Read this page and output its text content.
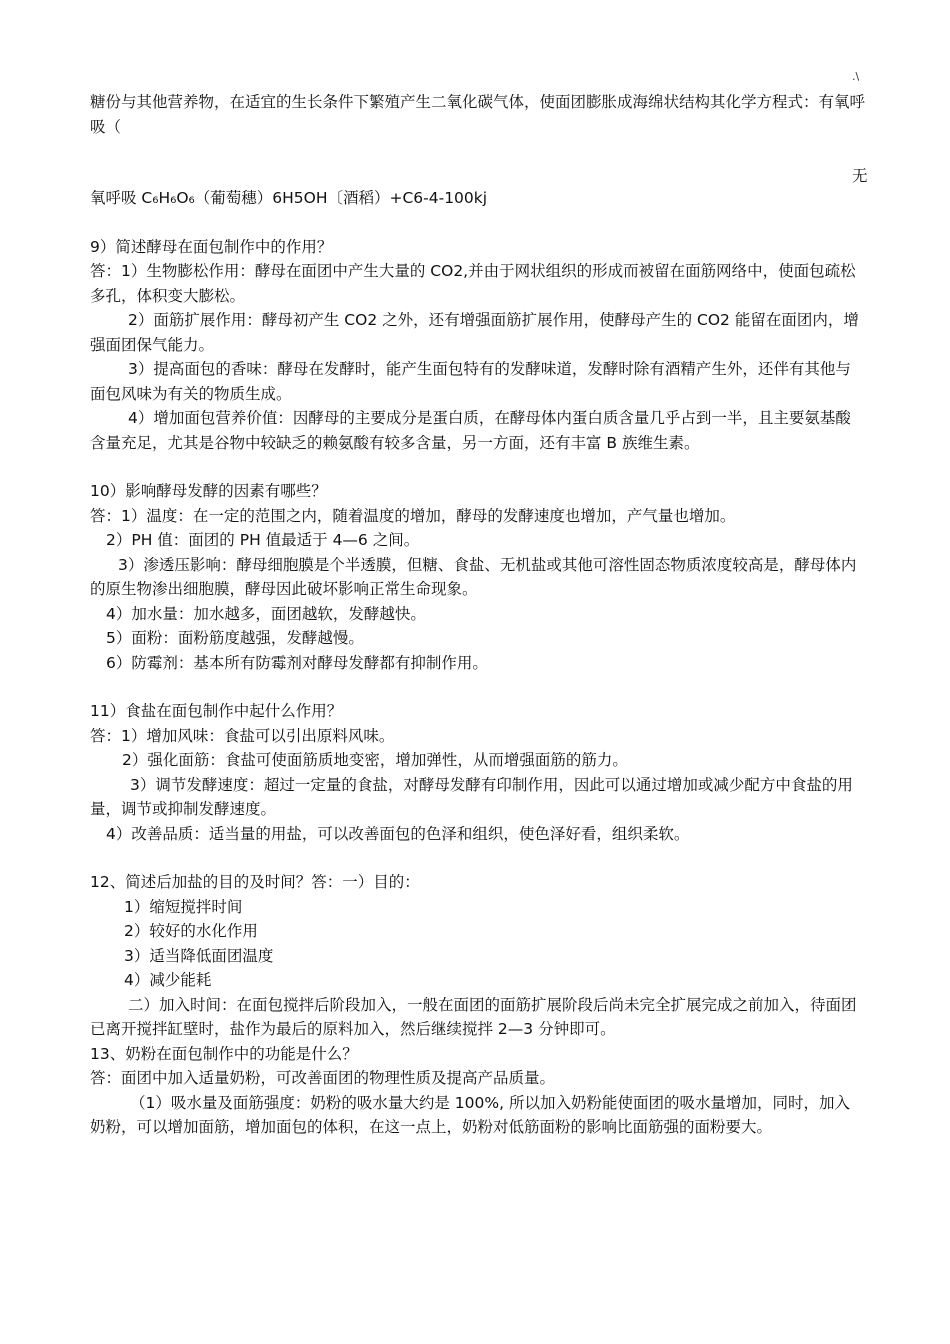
.\
无

糖份与其他营养物，在适宜的生长条件下繁殖产生二氧化碳气体，使面团膨胀成海绵状结构其化学方程式：有氧呼吸（

氧呼吸 C₆H₆O₆（葡萄穗）6H5OH〔酒稻）+C6-4-100kj

9）简述酵母在面包制作中的作用？

答：1）生物膨松作用：酵母在面团中产生大量的 CO2,并由于网状组织的形成而被留在面筋网络中，使面包疏松多孔，体积变大膨松。

2）面筋扩展作用：酵母初产生 CO2 之外，还有增强面筋扩展作用，使酵母产生的 CO2 能留在面团内，增强面团保气能力。

3）提高面包的香味：酵母在发酵时，能产生面包特有的发酵味道，发酵时除有酒精产生外，还伴有其他与面包风味为有关的物质生成。

4）增加面包营养价值：因酵母的主要成分是蛋白质，在酵母体内蛋白质含量几乎占到一半，且主要氨基酸含量充足，尤其是谷物中较缺乏的赖氨酸有较多含量，另一方面，还有丰富 B 族维生素。

10）影响酵母发酵的因素有哪些？

答：1）温度：在一定的范围之内，随着温度的增加，酵母的发酵速度也增加，产气量也增加。

2）PH 值：面团的 PH 值最适于 4—6 之间。

3）渗透压影响：酵母细胞膜是个半透膜，但糖、食盐、无机盐或其他可溶性固态物质浓度较高是，酵母体内的原生物渗出细胞膜，酵母因此破坏影响正常生命现象。

4）加水量：加水越多，面团越软，发酵越快。

5）面粉：面粉筋度越强，发酵越慢。

6）防霉剂：基本所有防霉剂对酵母发酵都有抑制作用。

11）食盐在面包制作中起什么作用？

答：1）增加风味：食盐可以引出原料风味。

2）强化面筋：食盐可使面筋质地变密，增加弹性，从而增强面筋的筋力。

3）调节发酵速度：超过一定量的食盐，对酵母发酵有印制作用，因此可以通过增加或减少配方中食盐的用量，调节或抑制发酵速度。

4）改善品质：适当量的用盐，可以改善面包的色泽和组织，使色泽好看，组织柔软。

12、简述后加盐的目的及时间？答：一）目的：

1）缩短搅拌时间

2）较好的水化作用

3）适当降低面团温度

4）减少能耗

二）加入时间：在面包搅拌后阶段加入，一般在面团的面筋扩展阶段后尚未完全扩展完成之前加入，待面团已离开搅拌缸壁时，盐作为最后的原料加入，然后继续搅拌 2—3 分钟即可。

13、奶粉在面包制作中的功能是什么？

答：面团中加入适量奶粉，可改善面团的物理性质及提高产品质量。

（1）吸水量及面筋强度：奶粉的吸水量大约是 100%, 所以加入奶粉能使面团的吸水量增加，同时，加入奶粉，可以增加面筋，增加面包的体积，在这一点上，奶粉对低筋面粉的影响比面筋强的面粉要大。
